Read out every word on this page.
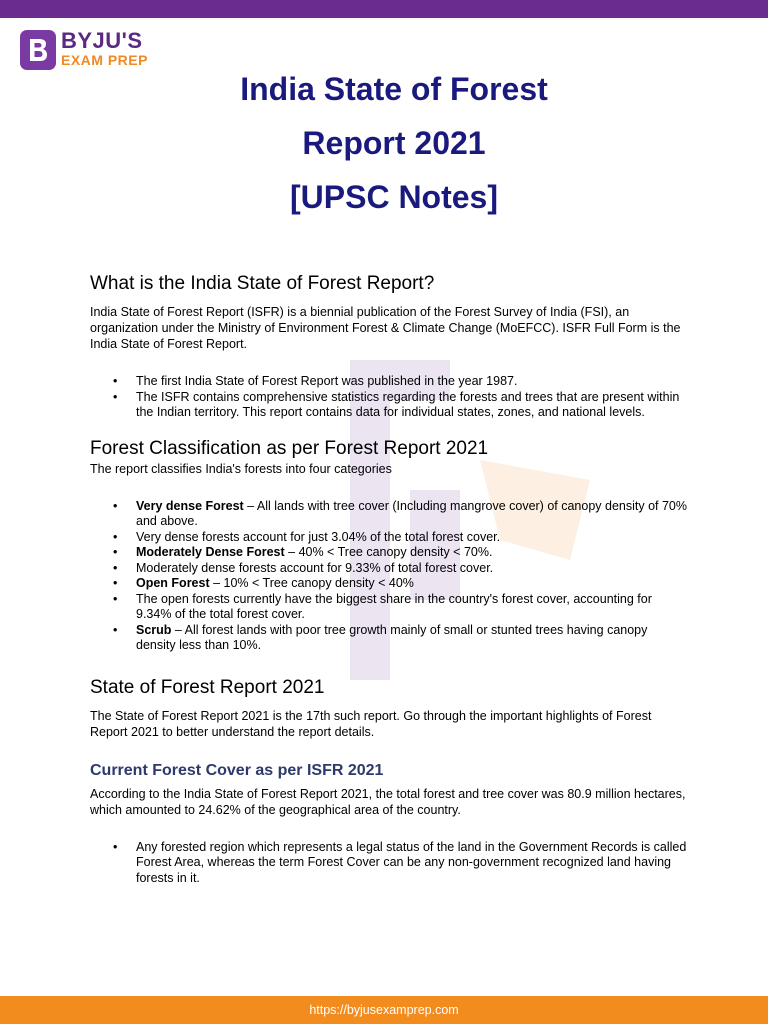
BYJU'S
EXAM PREP
India State of Forest
Report 2021
[UPSC Notes]
What is the India State of Forest Report?

India State of Forest Report (ISFR) is a biennial publication of the Forest Survey of India (FSI), an organization under the Ministry of Environment Forest & Climate Change (MoEFCC). ISFR Full Form is the India State of Forest Report.

• The first India State of Forest Report was published in the year 1987.
• The ISFR contains comprehensive statistics regarding the forests and trees that are present within the Indian territory. This report contains data for individual states, zones, and national levels.
Forest Classification as per Forest Report 2021

The report classifies India's forests into four categories

• Very dense Forest – All lands with tree cover (Including mangrove cover) of canopy density of 70% and above.
• Very dense forests account for just 3.04% of the total forest cover.
• Moderately Dense Forest – 40% < Tree canopy density < 70%.
• Moderately dense forests account for 9.33% of total forest cover.
• Open Forest – 10% < Tree canopy density < 40%
• The open forests currently have the biggest share in the country's forest cover, accounting for 9.34% of the total forest cover.
• Scrub – All forest lands with poor tree growth mainly of small or stunted trees having canopy density less than 10%.
State of Forest Report 2021

The State of Forest Report 2021 is the 17th such report. Go through the important highlights of Forest Report 2021 to better understand the report details.

Current Forest Cover as per ISFR 2021

According to the India State of Forest Report 2021, the total forest and tree cover was 80.9 million hectares, which amounted to 24.62% of the geographical area of the country.

• Any forested region which represents a legal status of the land in the Government Records is called Forest Area, whereas the term Forest Cover can be any non-government recognized land having forests in it.
https://byjusexamprep.com
